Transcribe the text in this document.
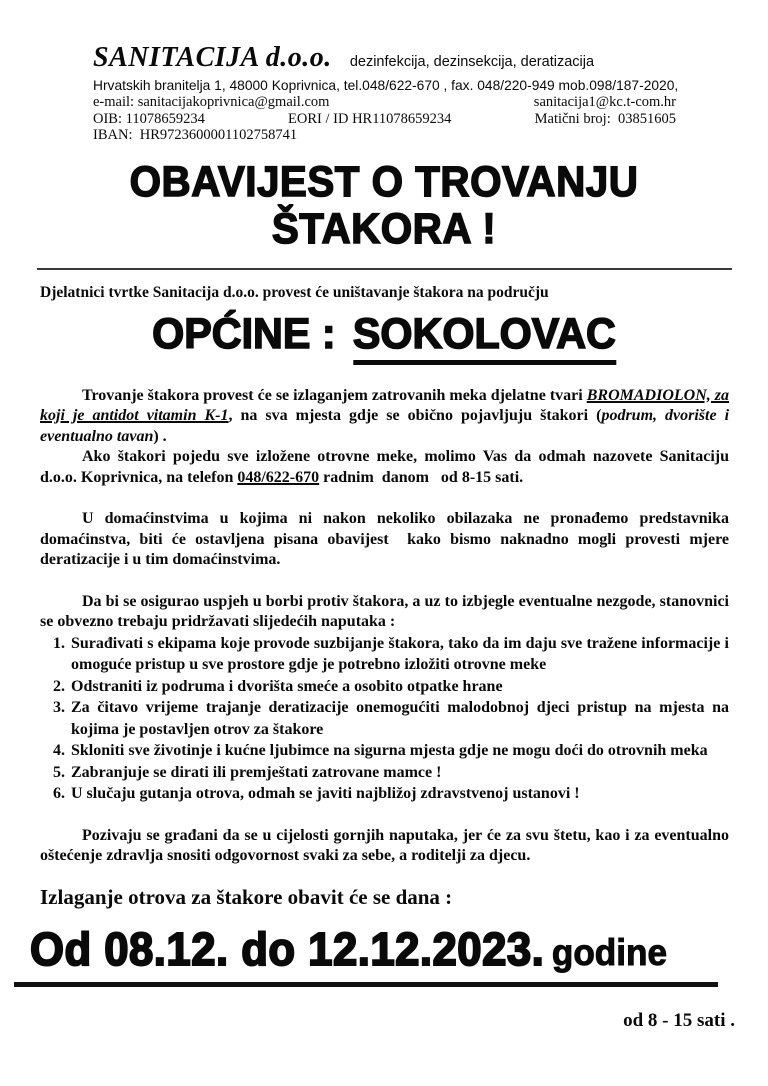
SANITACIJA d.o.o. dezinfekcija, dezinsekcija, deratizacija
Hrvatskih branitelja 1, 48000 Koprivnica, tel.048/622-670 , fax. 048/220-949 mob.098/187-2020,
e-mail: sanitacijakoprivnica@gmail.com	sanitacija1@kc.t-com.hr
OIB: 11078659234	EORI / ID HR11078659234	Matični broj:  03851605
IBAN:  HR9723600001102758741
OBAVIJEST O TROVANJU
ŠTAKORA !
Djelatnici tvrtke Sanitacija d.o.o. provest će uništavanje štakora na području
OPĆINE : SOKOLOVAC

Trovanje štakora provest će se izlaganjem zatrovanih meka djelatne tvari BROMADIOLON, za koji je antidot vitamin K-1, na sva mjesta gdje se obično pojavljuju štakori (podrum, dvorište i eventualno tavan) .

Ako štakori pojedu sve izložene otrovne meke, molimo Vas da odmah nazovete Sanitaciju d.o.o. Koprivnica, na telefon 048/622-670 radnim  danom   od 8-15 sati.

U domaćinstvima u kojima ni nakon nekoliko obilazaka ne pronađemo predstavnika domaćinstva, biti će ostavljena pisana obavijest  kako bismo naknadno mogli provesti mjere deratizacije i u tim domaćinstvima.

Da bi se osigurao uspjeh u borbi protiv štakora, a uz to izbjegle eventualne nezgode, stanovnici se obvezno trebaju pridržavati slijedećih naputaka :

1. Surađivati s ekipama koje provode suzbijanje štakora, tako da im daju sve tražene informacije i omoguće pristup u sve prostore gdje je potrebno izložiti otrovne meke
2. Odstraniti iz podruma i dvorišta smeće a osobito otpatke hrane
3. Za čitavo vrijeme trajanje deratizacije onemogućiti malodobnoj djeci pristup na mjesta na kojima je postavljen otrov za štakore
4. Skloniti sve životinje i kućne ljubimce na sigurna mjesta gdje ne mogu doći do otrovnih meka
5. Zabranjuje se dirati ili premještati zatrovane mamce !
6. U slučaju gutanja otrova, odmah se javiti najbližoj zdravstvenoj ustanovi !

Pozivaju se građani da se u cijelosti gornjih naputaka, jer će za svu štetu, kao i za eventualno oštećenje zdravlja snositi odgovornost svaki za sebe, a roditelji za djecu.

Izlaganje otrova za štakore obavit će se dana :
Od 08.12. do 12.12.2023. godine
od 8 - 15 sati .
